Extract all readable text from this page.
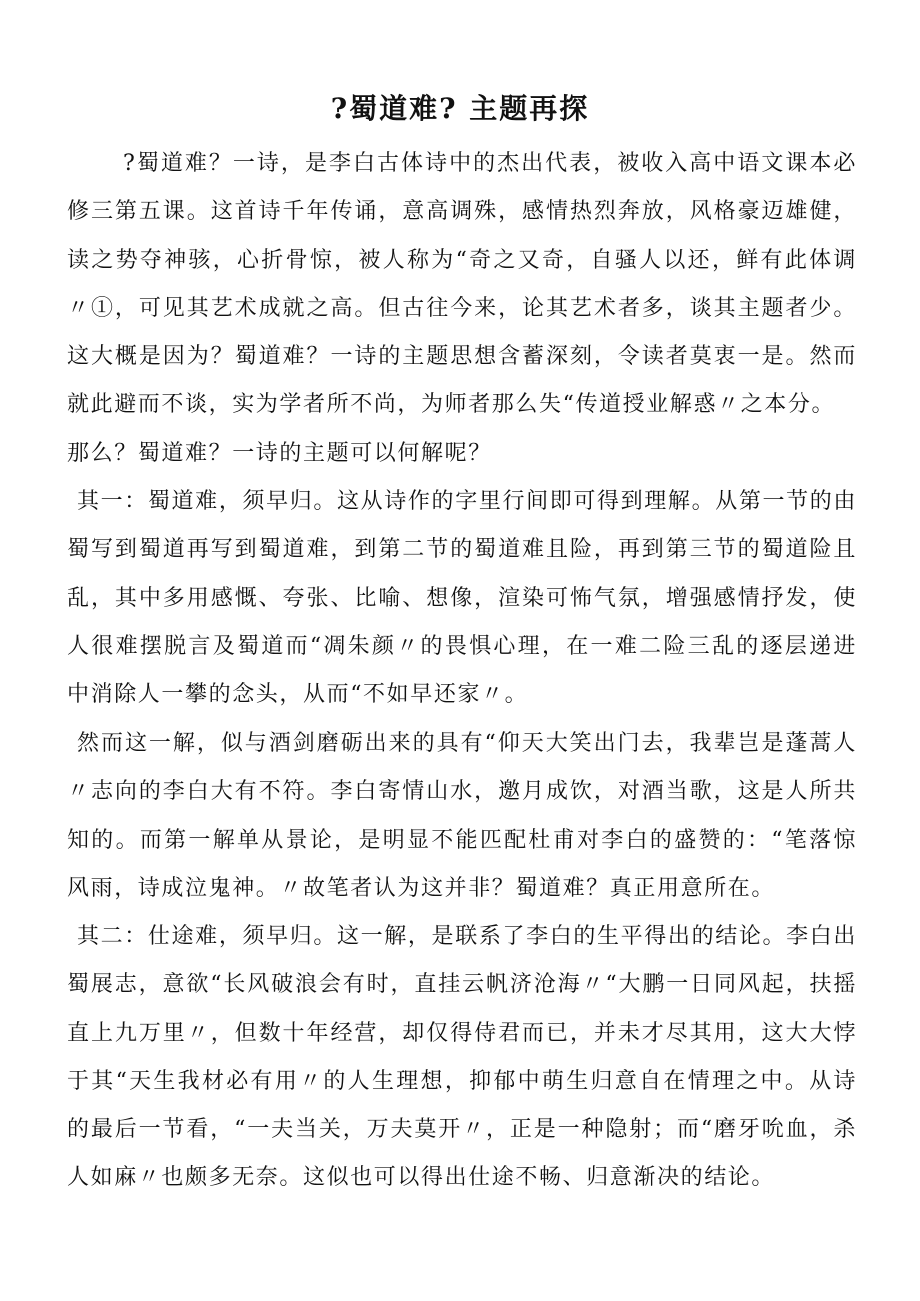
?蜀道难? 主题再探

?蜀道难？一诗，是李白古体诗中的杰出代表，被收入高中语文课本必修三第五课。这首诗千年传诵，意高调殊，感情热烈奔放，风格豪迈雄健，读之势夺神骇，心折骨惊，被人称为“奇之又奇，自骚人以还，鲜有此体调〃①，可见其艺术成就之高。但古往今来，论其艺术者多，谈其主题者少。这大概是因为？蜀道难？一诗的主题思想含蓄深刻，令读者莫衷一是。然而就此避而不谈，实为学者所不尚，为师者那么失“传道授业解惑〃之本分。

那么？蜀道难？一诗的主题可以何解呢？

其一：蜀道难，须早归。这从诗作的字里行间即可得到理解。从第一节的由蜀写到蜀道再写到蜀道难，到第二节的蜀道难且险，再到第三节的蜀道险且乱，其中多用感慨、夸张、比喻、想像，渲染可怖气氛，增强感情抒发，使人很难摆脱言及蜀道而“凋朱颜〃的畏惧心理，在一难二险三乱的逐层递进中消除人一攀的念头，从而“不如早还家〃。

然而这一解，似与酒剑磨砺出来的具有“仰天大笑出门去，我辈岂是蓬蒿人〃志向的李白大有不符。李白寄情山水，邀月成饮，对酒当歌，这是人所共知的。而第一解单从景论，是明显不能匹配杜甫对李白的盛赞的：“笔落惊风雨，诗成泣鬼神。〃故笔者认为这并非？蜀道难？真正用意所在。

其二：仕途难，须早归。这一解，是联系了李白的生平得出的结论。李白出蜀展志，意欲“长风破浪会有时，直挂云帆济沧海〃“大鹏一日同风起，扶摇直上九万里〃，但数十年经营，却仅得侍君而已，并未才尽其用，这大大悖于其“天生我材必有用〃的人生理想，抑郁中萌生归意自在情理之中。从诗的最后一节看，“一夫当关，万夫莫开〃，正是一种隐射；而“磨牙吮血，杀人如麻〃也颇多无奈。这似也可以得出仕途不畅、归意渐决的结论。
